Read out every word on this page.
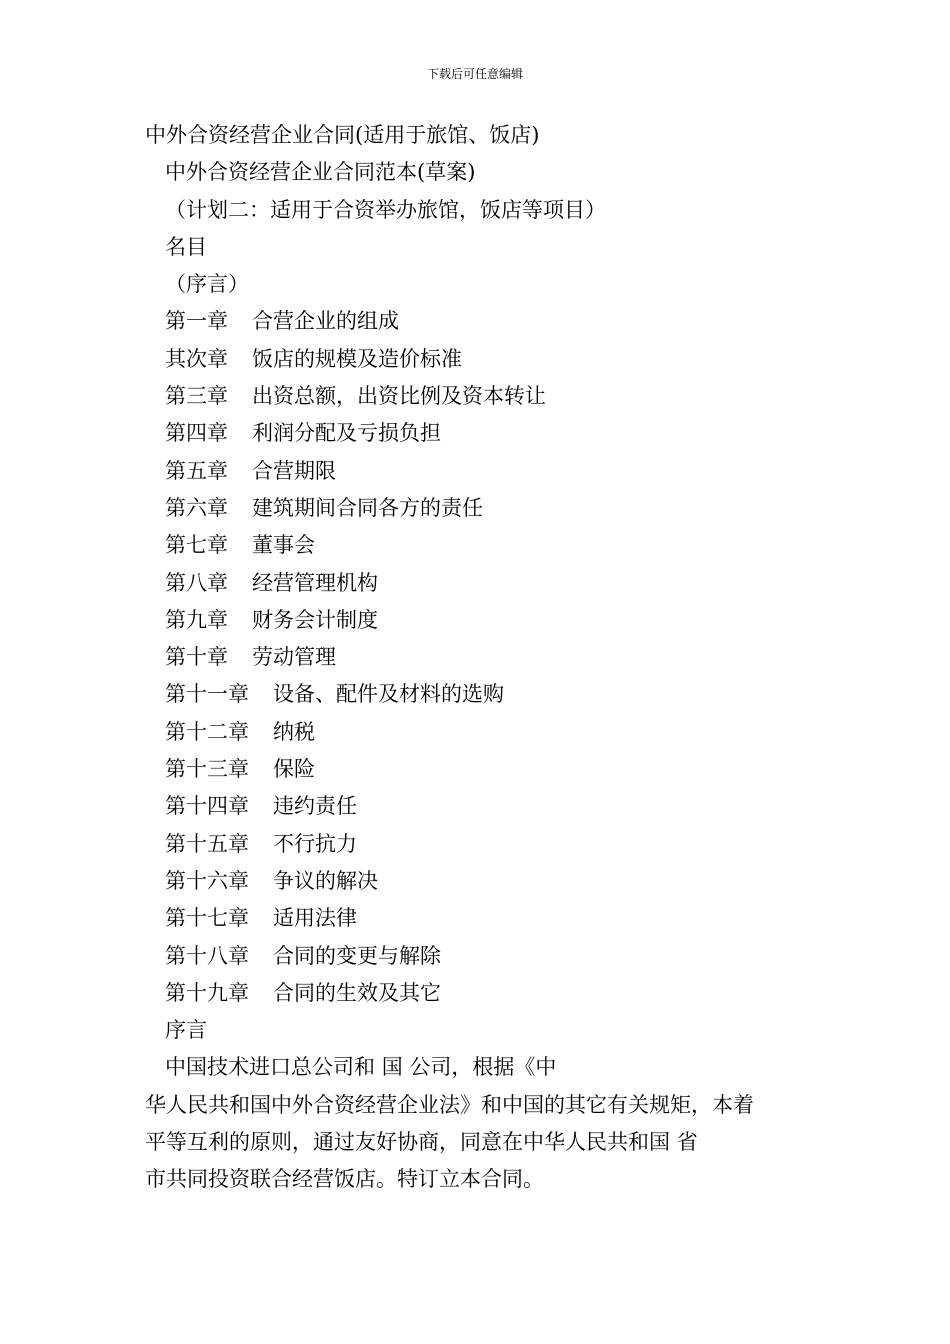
下载后可任意编辑
中外合资经营企业合同(适用于旅馆、饭店)
中外合资经营企业合同范本(草案)
（计划二：适用于合资举办旅馆，饭店等项目）
名目
（序言）
第一章 合营企业的组成
其次章 饭店的规模及造价标准
第三章 出资总额，出资比例及资本转让
第四章 利润分配及亏损负担
第五章 合营期限
第六章 建筑期间合同各方的责任
第七章 董事会
第八章 经营管理机构
第九章 财务会计制度
第十章 劳动管理
第十一章 设备、配件及材料的选购
第十二章 纳税
第十三章 保险
第十四章 违约责任
第十五章 不行抗力
第十六章 争议的解决
第十七章 适用法律
第十八章 合同的变更与解除
第十九章 合同的生效及其它
序言
中国技术进口总公司和 国 公司，根据《中
华人民共和国中外合资经营企业法》和中国的其它有关规矩，本着
平等互利的原则，通过友好协商，同意在中华人民共和国 省
市共同投资联合经营饭店。特订立本合同。
